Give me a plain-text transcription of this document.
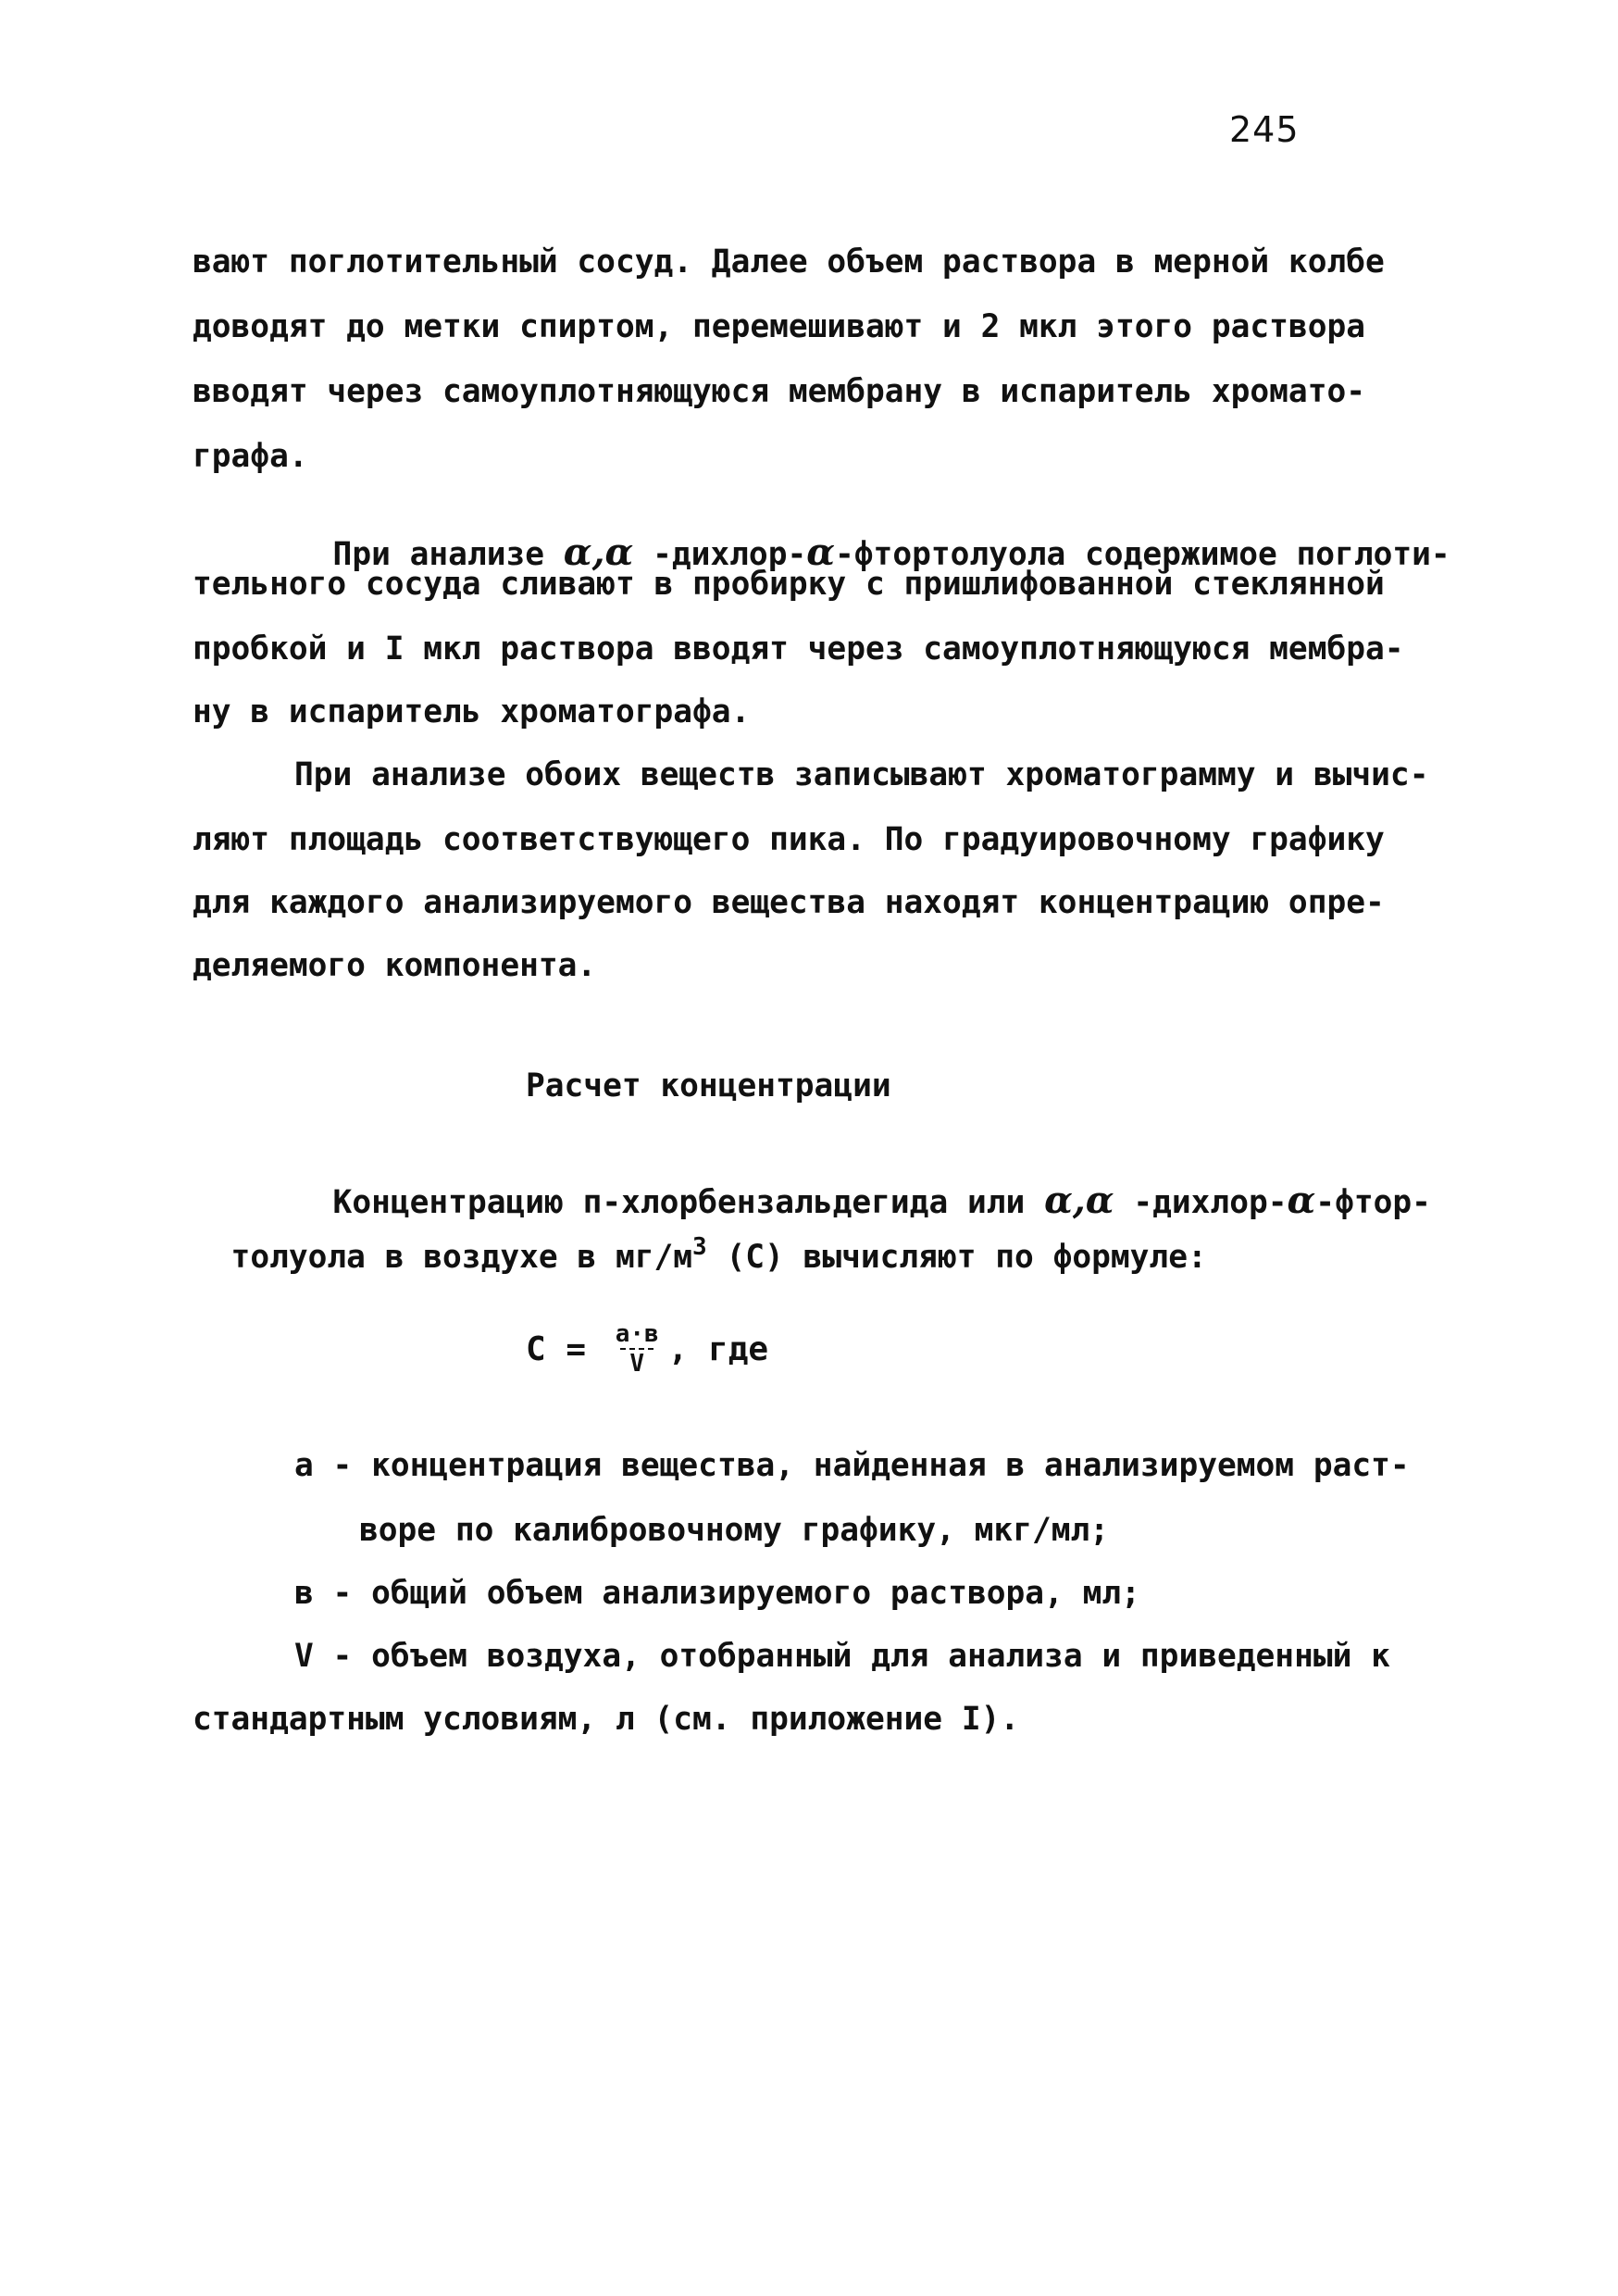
245
вают поглотительный сосуд. Далее объем раствора в мерной колбе
доводят до метки спиртом, перемешивают и 2 мкл этого раствора
вводят через самоуплотняющуюся мембрану в испаритель хромато-
графа.

При анализе α,α -дихлор-α-фтортолуола содержимое поглоти-

тельного сосуда сливают в пробирку с пришлифованной стеклянной
пробкой и I мкл раствора вводят через самоуплотняющуюся мембра-
ну в испаритель хроматографа.
При анализе обоих веществ записывают хроматограмму и вычис-
ляют площадь соответствующего пика. По градуировочному графику
для каждого анализируемого вещества находят концентрацию опре-
деляемого компонента.
Расчет концентрации

Концентрацию п-хлорбензальдегида или α,α -дихлор-α-фтор-

толуола в воздухе в $мг/м^3$ (С) вычисляют по формуле:

$С = \frac{а\cdot в}{V}$ , где
а - концентрация вещества, найденная в анализируемом раст-
воре по калибровочному графику, мкг/мл;
в - общий объем анализируемого раствора, мл;
V - объем воздуха, отобранный для анализа и приведенный к
стандартным условиям, л (см. приложение I).
